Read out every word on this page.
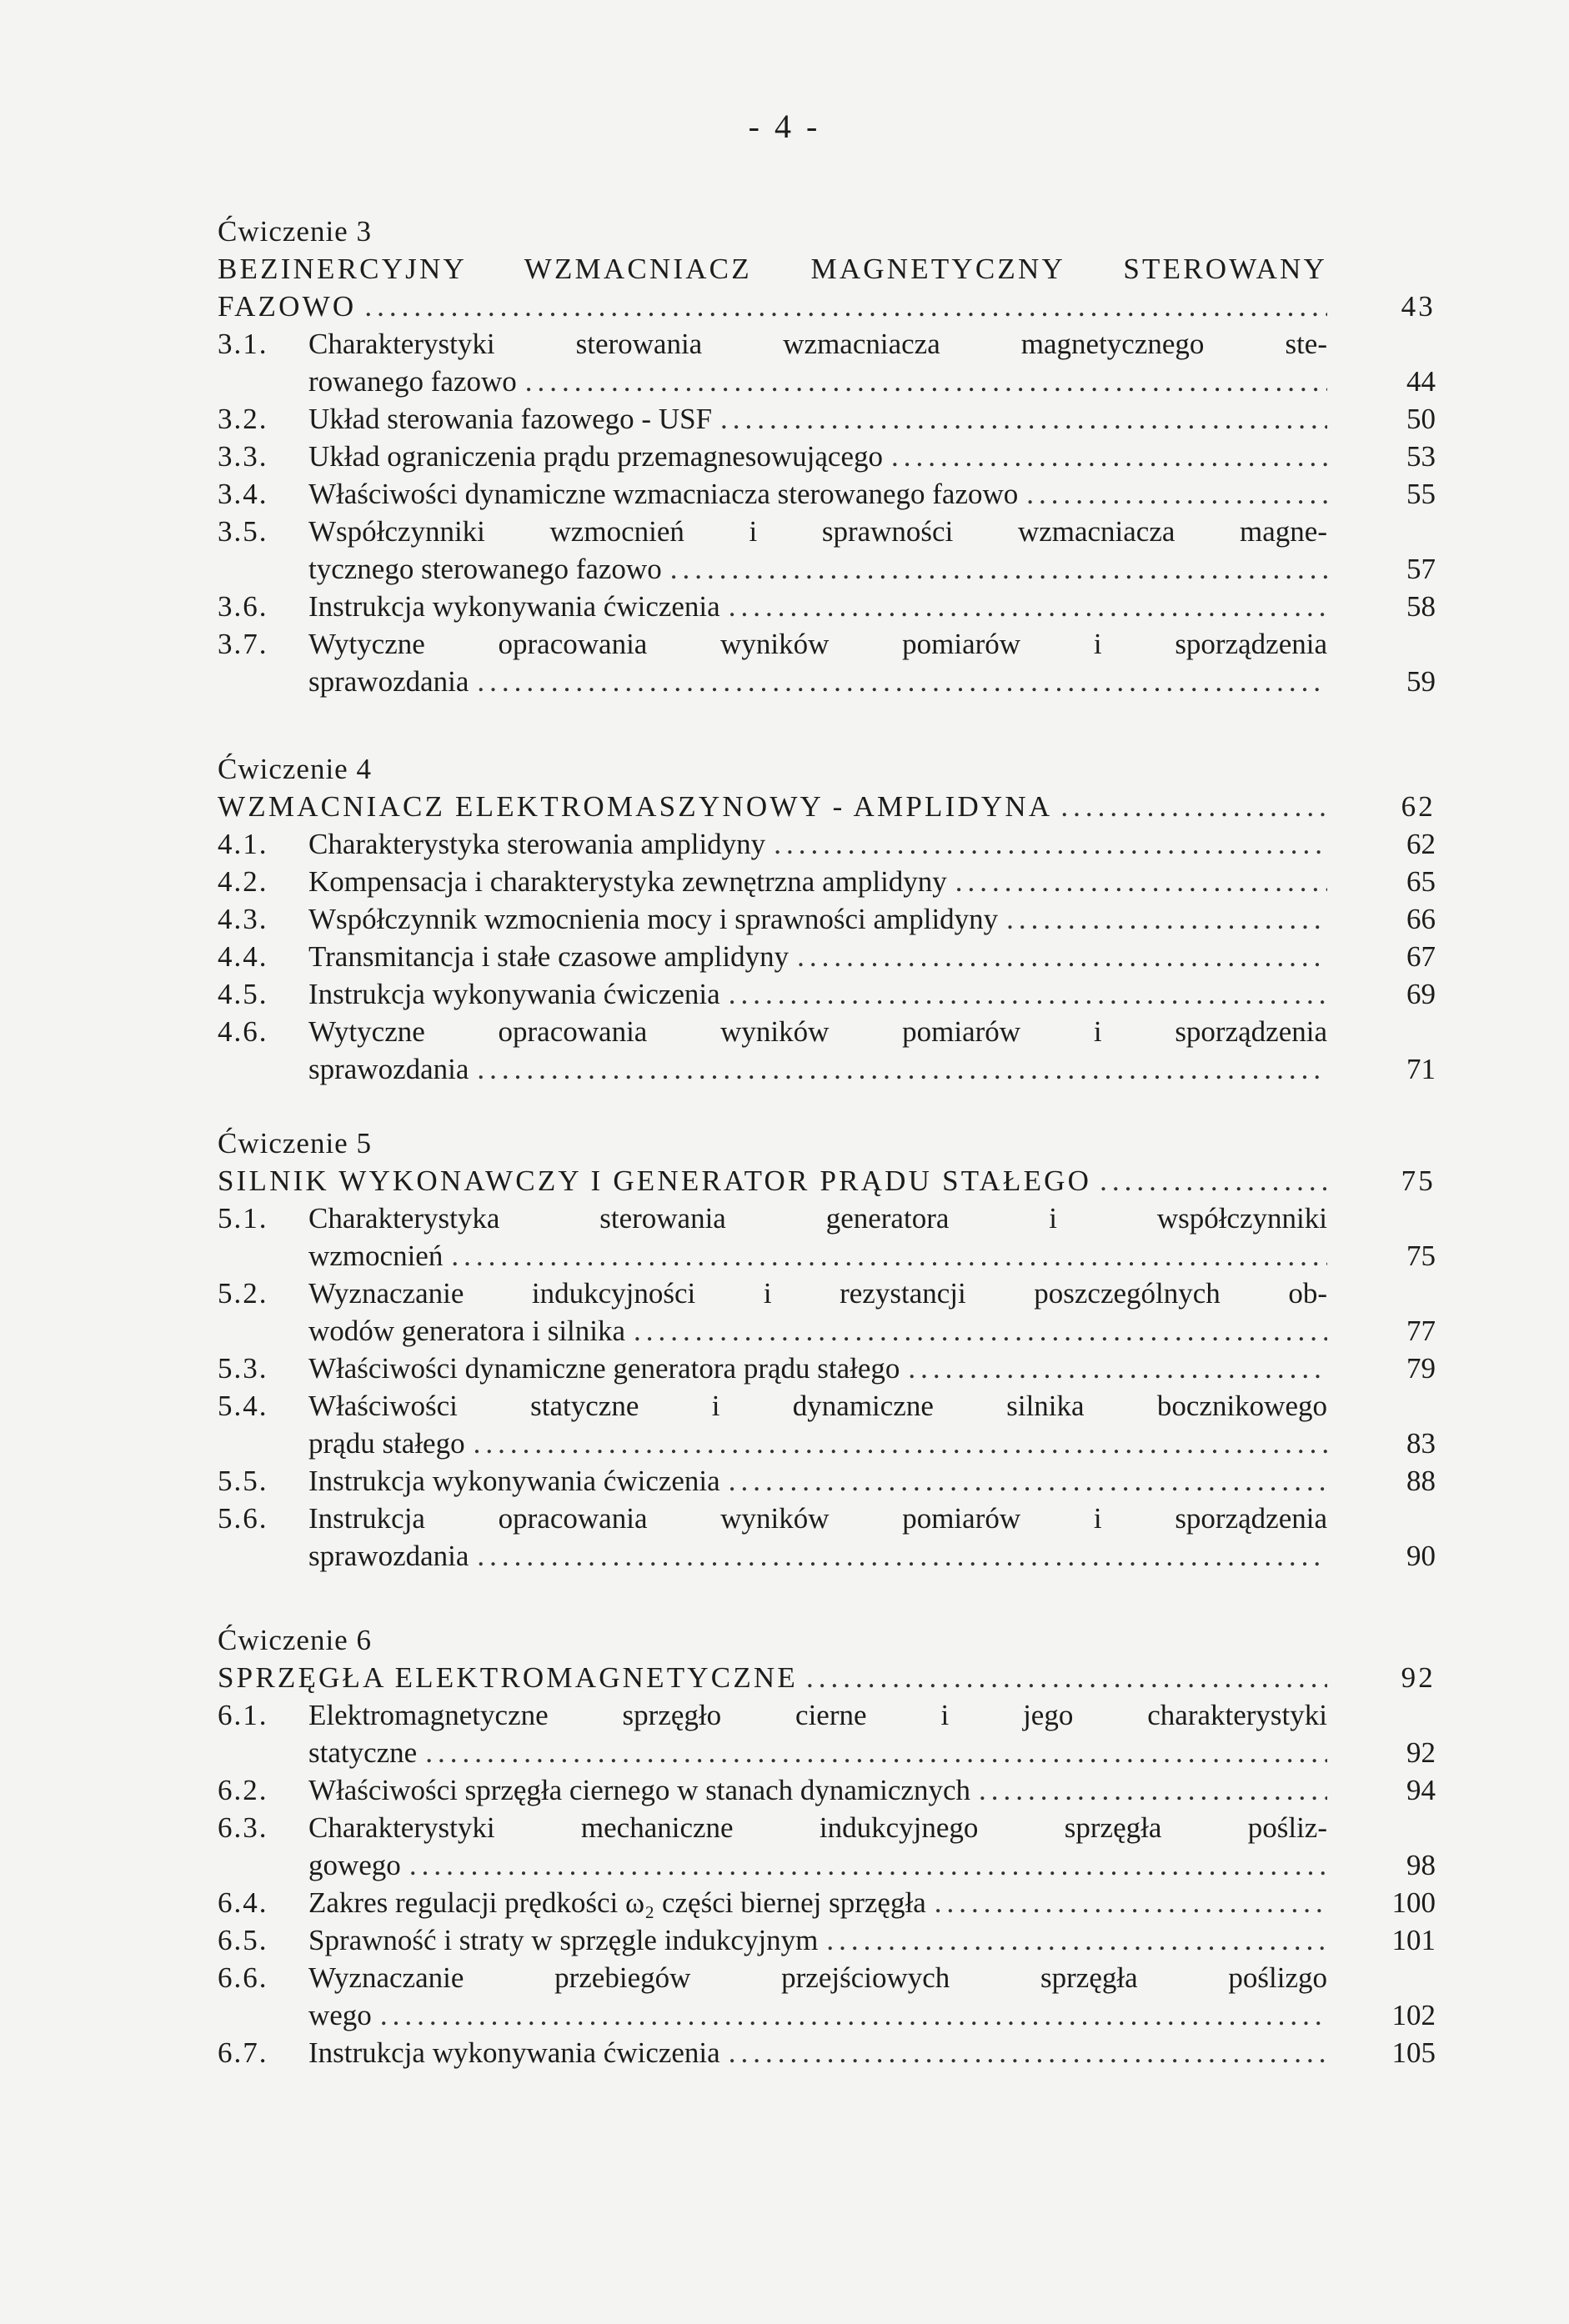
- 4 -
Ćwiczenie 3
BEZINERCYJNY WZMACNIACZ MAGNETYCZNY STEROWANY
FAZOWO .....	43
3.1.	Charakterystyki sterowania wzmacniacza magnetycznego ste-
rowanego fazowo .....	44
3.2.	Układ sterowania fazowego - USF .....	50
3.3.	Układ ograniczenia prądu przemagnesowującego .....	53
3.4.	Właściwości dynamiczne wzmacniacza sterowanego fazowo .....	55
3.5.	Współczynniki wzmocnień i sprawności wzmacniacza magne-
tycznego sterowanego fazowo .....	57
3.6.	Instrukcja wykonywania ćwiczenia .....	58
3.7.	Wytyczne opracowania wyników pomiarów i sporządzenia
sprawozdania .....	59
Ćwiczenie 4
WZMACNIACZ ELEKTROMASZYNOWY - AMPLIDYNA .....	62
4.1.	Charakterystyka sterowania amplidyny .....	62
4.2.	Kompensacja i charakterystyka zewnętrzna amplidyny .....	65
4.3.	Współczynnik wzmocnienia mocy i sprawności amplidyny .....	66
4.4.	Transmitancja i stałe czasowe amplidyny .....	67
4.5.	Instrukcja wykonywania ćwiczenia .....	69
4.6.	Wytyczne opracowania wyników pomiarów i sporządzenia
sprawozdania .....	71
Ćwiczenie 5
SILNIK WYKONAWCZY I GENERATOR PRĄDU STAŁEGO .....	75
5.1.	Charakterystyka sterowania generatora i współczynniki
wzmocnień .....	75
5.2.	Wyznaczanie indukcyjności i rezystancji poszczególnych ob-
wodów generatora i silnika .....	77
5.3.	Właściwości dynamiczne generatora prądu stałego .....	79
5.4.	Właściwości statyczne i dynamiczne silnika bocznikowego
prądu stałego .....	83
5.5.	Instrukcja wykonywania ćwiczenia .....	88
5.6.	Instrukcja opracowania wyników pomiarów i sporządzenia
sprawozdania .....	90
Ćwiczenie 6
SPRZĘGŁA ELEKTROMAGNETYCZNE .....	92
6.1.	Elektromagnetyczne sprzęgło cierne i jego charakterystyki
statyczne .....	92
6.2.	Właściwości sprzęgła ciernego w stanach dynamicznych .....	94
6.3.	Charakterystyki mechaniczne indukcyjnego sprzęgła pośliz-
gowego .....	98
6.4.	Zakres regulacji prędkości ω₂ części biernej sprzęgła .....	100
6.5.	Sprawność i straty w sprzęgle indukcyjnym .....	101
6.6.	Wyznaczanie przebiegów przejściowych sprzęgła poślizgo
wego .....	102
6.7.	Instrukcja wykonywania ćwiczenia .....	105
